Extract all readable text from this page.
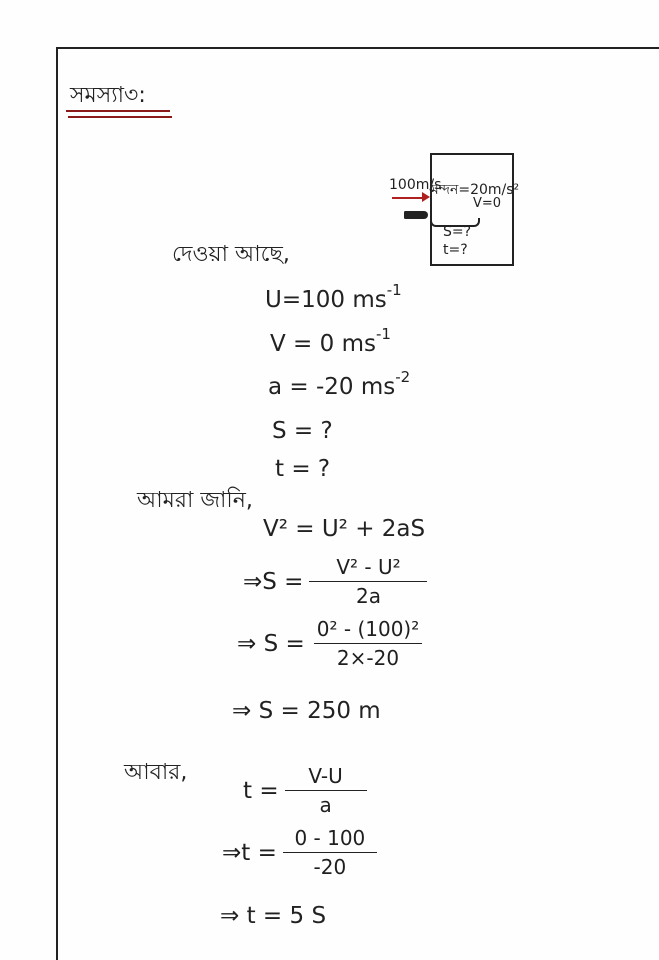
সমস্যা৩:
100m/s
মন্দন=20m/s²
V=0
S=?
t=?
দেওয়া আছে,
U=100 $ms^{-1}$
V = 0 $ms^{-1}$
a = -20 $ms^{-2}$
S = ?
t = ?
আমরা জানি,
V² = U² + 2aS
⇒S = $\frac{\text{V² - U²}}{2a}$
⇒ $S = \frac{\text{0² - (100)²}}{2\times-20}$
⇒ S = 250 m
আবার,
$t = \frac{V-U}{a}$
⇒t = $\frac{0 - 100}{-20}$
⇒ t = 5 S
